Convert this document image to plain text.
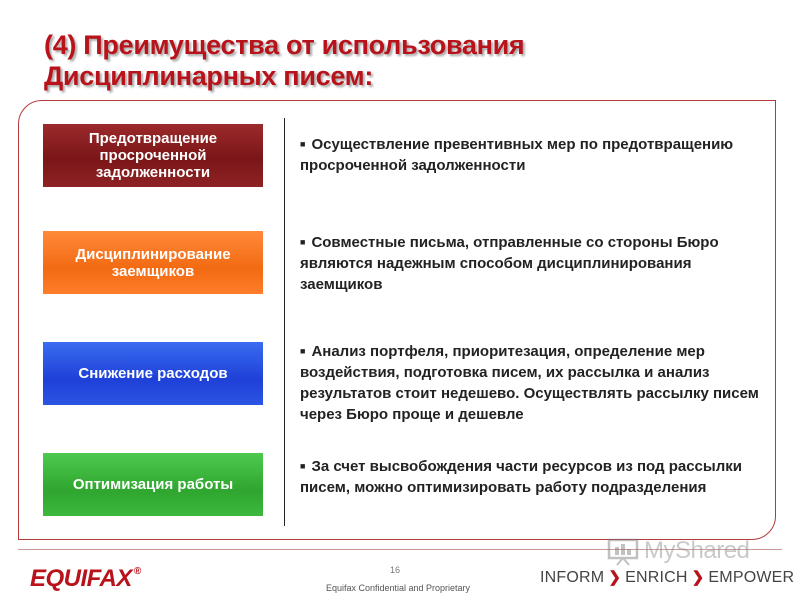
(4) Преимущества от использования
Дисциплинарных писем:
Предотвращение просроченной задолженности
Дисциплинирование заемщиков
Снижение расходов
Оптимизация работы
■ Осуществление превентивных мер по предотвращению просроченной задолженности
■ Совместные письма, отправленные со стороны Бюро являются надежным способом дисциплинирования заемщиков
■ Анализ портфеля, приоритезация, определение мер воздействия, подготовка писем, их рассылка и анализ результатов стоит недешево. Осуществлять рассылку писем через Бюро проще и дешевле
■ За счет высвобождения части ресурсов из под рассылки писем, можно оптимизировать работу подразделения
EQUIFAX ®	16
Equifax Confidential and Proprietary
MyShared
INFORM ❯ ENRICH ❯ EMPOWER
